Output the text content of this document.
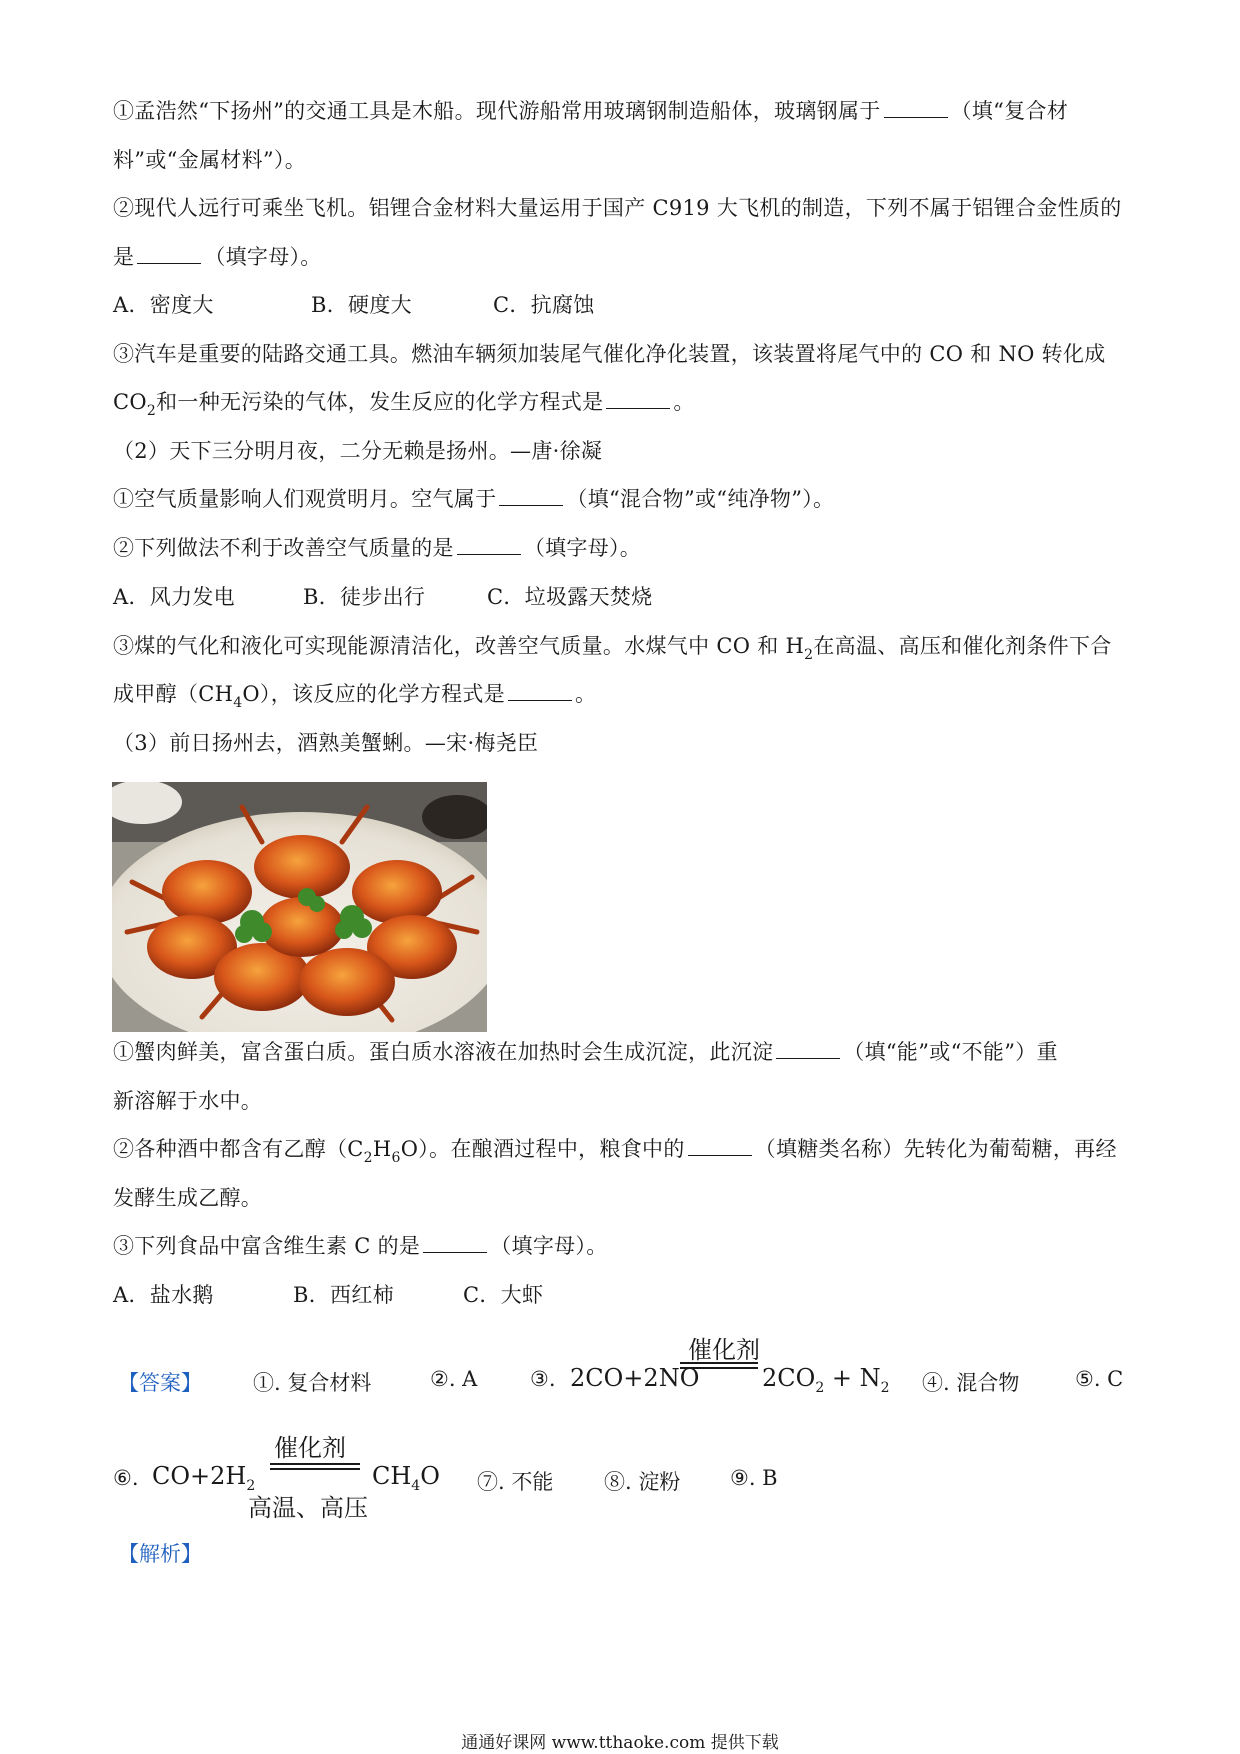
①孟浩然“下扬州”的交通工具是木船。现代游船常用玻璃钢制造船体，玻璃钢属于	（填“复合材
料”或“金属材料”）。
②现代人远行可乘坐飞机。铝锂合金材料大量运用于国产 C919 大飞机的制造，下列不属于铝锂合金性质的
是	（填字母）。
A．密度大	B．硬度大	C．抗腐蚀
③汽车是重要的陆路交通工具。燃油车辆须加装尾气催化净化装置，该装置将尾气中的 CO 和 NO 转化成
$CO_2$和一种无污染的气体，发生反应的化学方程式是	。
（2）天下三分明月夜，二分无赖是扬州。—唐·徐凝
①空气质量影响人们观赏明月。空气属于	（填“混合物”或“纯净物”）。
②下列做法不利于改善空气质量的是	（填字母）。
A．风力发电	B．徒步出行	C．垃圾露天焚烧
③煤的气化和液化可实现能源清洁化，改善空气质量。水煤气中 CO 和 $H_2$在高温、高压和催化剂条件下合
成甲醇$(CH_4O)$，该反应的化学方程式是	。
（3）前日扬州去，酒熟美蟹蜊。—宋·梅尧臣
①蟹肉鲜美，富含蛋白质。蛋白质水溶液在加热时会生成沉淀，此沉淀	（填“能”或“不能”）重
新溶解于水中。
②各种酒中都含有乙醇$(C_2H_6O)$。在酿酒过程中，粮食中的	（填糖类名称）先转化为葡萄糖，再经
发酵生成乙醇。
③下列食品中富含维生素 C 的是	（填字母）。
A．盐水鹅	B．西红柿	C．大虾
【答案】 ①. 复合材料	②. A	③. 2CO+2NO
催化剂
$2CO_2 + N_2$ ④. 混合物	⑤. C
⑥. $CO+2H_2$
催化剂
高温、高压
$CH_4O$ ⑦. 不能 ⑧. 淀粉 ⑨. B
【解析】
通通好课网 www.tthaoke.com 提供下载
